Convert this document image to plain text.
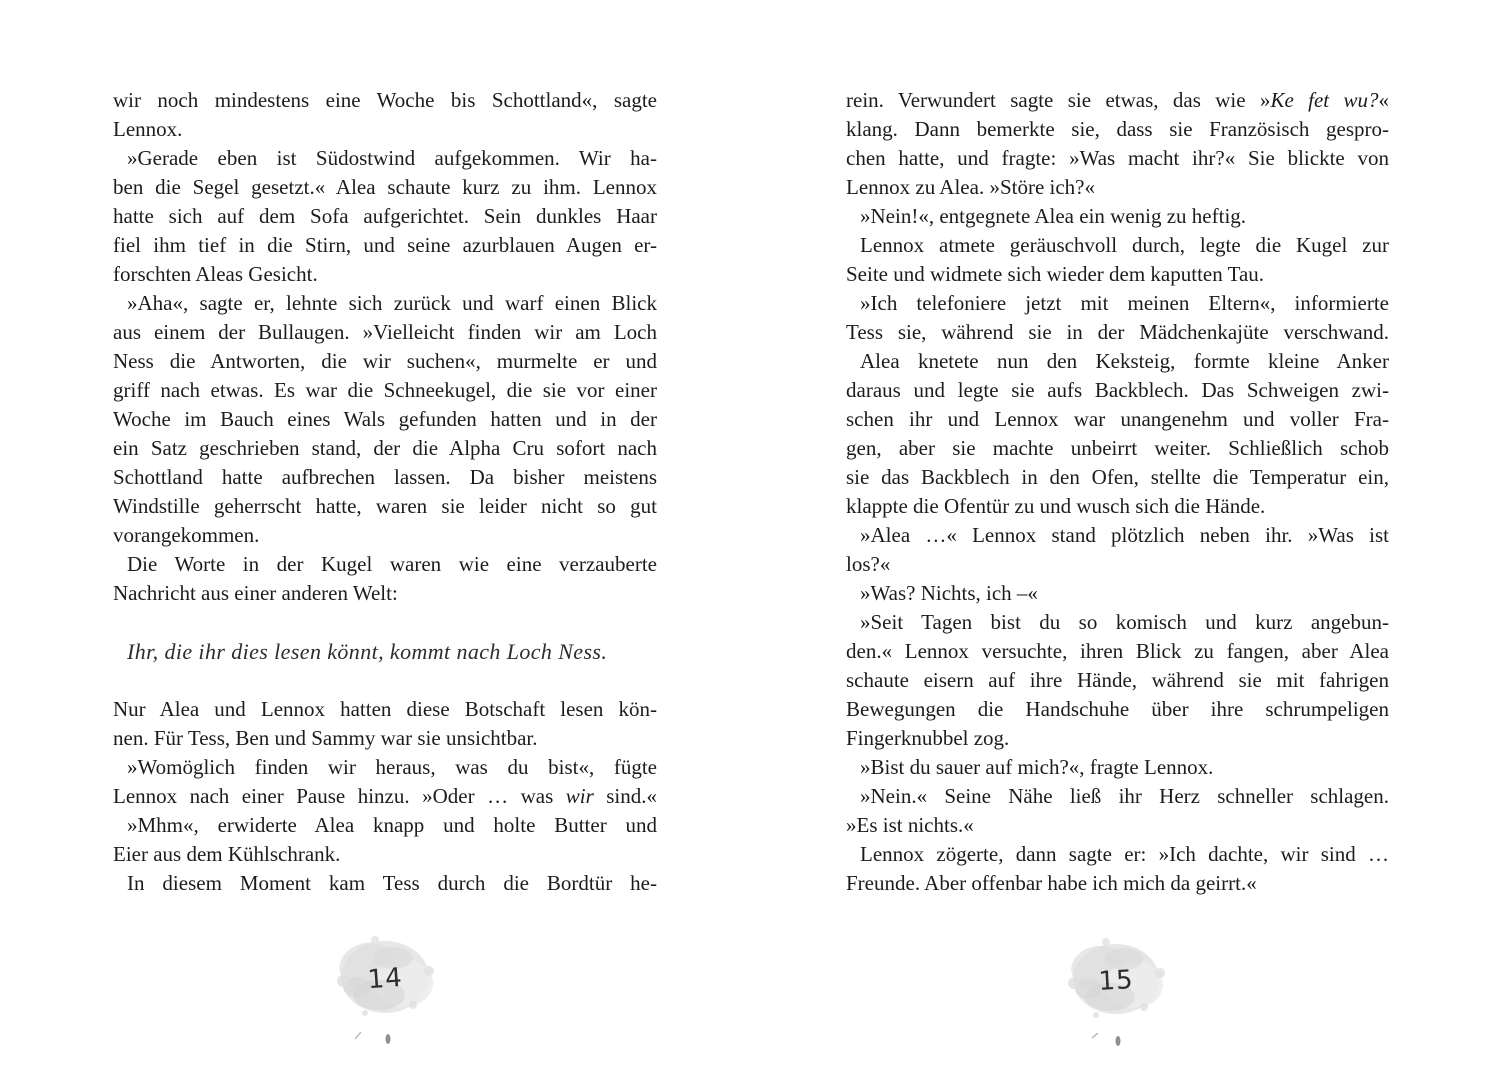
wir noch mindestens eine Woche bis Schottland«, sagte
Lennox.
»Gerade eben ist Südostwind aufgekommen. Wir ha-
ben die Segel gesetzt.« Alea schaute kurz zu ihm. Lennox
hatte sich auf dem Sofa aufgerichtet. Sein dunkles Haar
fiel ihm tief in die Stirn, und seine azurblauen Augen er-
forschten Aleas Gesicht.
»Aha«, sagte er, lehnte sich zurück und warf einen Blick
aus einem der Bullaugen. »Vielleicht finden wir am Loch
Ness die Antworten, die wir suchen«, murmelte er und
griff nach etwas. Es war die Schneekugel, die sie vor einer
Woche im Bauch eines Wals gefunden hatten und in der
ein Satz geschrieben stand, der die Alpha Cru sofort nach
Schottland hatte aufbrechen lassen. Da bisher meistens
Windstille geherrscht hatte, waren sie leider nicht so gut
vorangekommen.
Die Worte in der Kugel waren wie eine verzauberte
Nachricht aus einer anderen Welt:
Ihr, die ihr dies lesen könnt, kommt nach Loch Ness.
Nur Alea und Lennox hatten diese Botschaft lesen kön-
nen. Für Tess, Ben und Sammy war sie unsichtbar.
»Womöglich finden wir heraus, was du bist«, fügte
Lennox nach einer Pause hinzu. »Oder … was wir sind.«
»Mhm«, erwiderte Alea knapp und holte Butter und
Eier aus dem Kühlschrank.
In diesem Moment kam Tess durch die Bordtür he-
rein. Verwundert sagte sie etwas, das wie »Ke fet wu?«
klang. Dann bemerkte sie, dass sie Französisch gespro-
chen hatte, und fragte: »Was macht ihr?« Sie blickte von
Lennox zu Alea. »Störe ich?«
»Nein!«, entgegnete Alea ein wenig zu heftig.
Lennox atmete geräuschvoll durch, legte die Kugel zur
Seite und widmete sich wieder dem kaputten Tau.
»Ich telefoniere jetzt mit meinen Eltern«, informierte
Tess sie, während sie in der Mädchenkajüte verschwand.
Alea knetete nun den Keksteig, formte kleine Anker
daraus und legte sie aufs Backblech. Das Schweigen zwi-
schen ihr und Lennox war unangenehm und voller Fra-
gen, aber sie machte unbeirrt weiter. Schließlich schob
sie das Backblech in den Ofen, stellte die Temperatur ein,
klappte die Ofentür zu und wusch sich die Hände.
»Alea …« Lennox stand plötzlich neben ihr. »Was ist
los?«
»Was? Nichts, ich –«
»Seit Tagen bist du so komisch und kurz angebun-
den.« Lennox versuchte, ihren Blick zu fangen, aber Alea
schaute eisern auf ihre Hände, während sie mit fahrigen
Bewegungen die Handschuhe über ihre schrumpeligen
Fingerknubbel zog.
»Bist du sauer auf mich?«, fragte Lennox.
»Nein.« Seine Nähe ließ ihr Herz schneller schlagen.
»Es ist nichts.«
Lennox zögerte, dann sagte er: »Ich dachte, wir sind …
Freunde. Aber offenbar habe ich mich da geirrt.«
14	15
